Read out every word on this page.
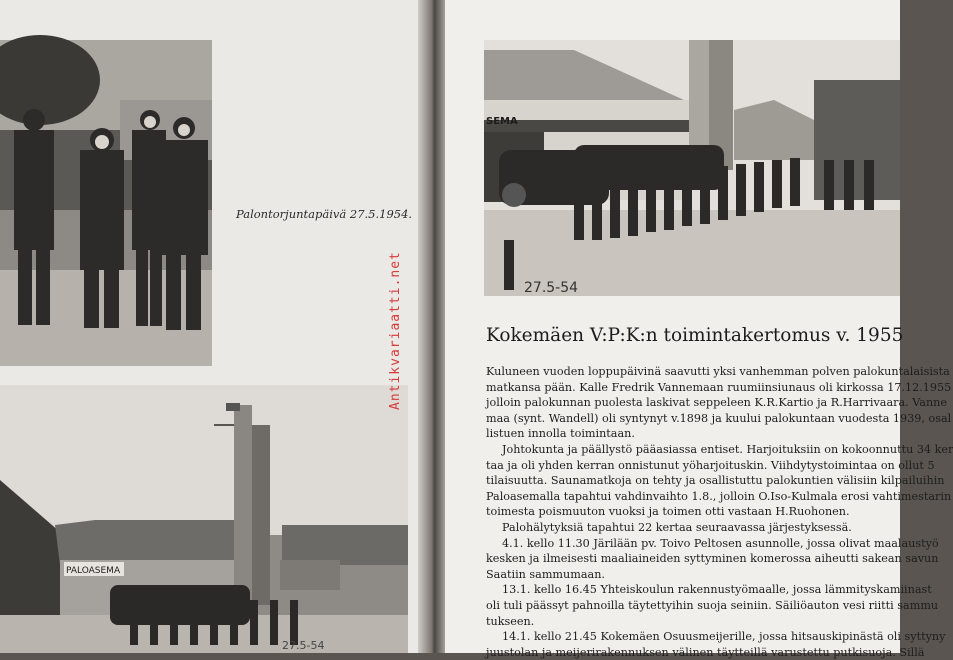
Palontorjuntapäivä 27.5.1954.
PALOASEMA
27.5-54
Antikvariaatti.net
SEMA
27.5-54
Kokemäen V:P:K:n toimintakertomus v. 1955

Kuluneen vuoden loppupäivinä saavutti yksi vanhemman polven palokuntalaisista

matkansa pään. Kalle Fredrik Vannemaan ruumiinsiunaus oli kirkossa 17.12.1955

jolloin palokunnan puolesta laskivat seppeleen K.R.Kartio ja R.Harrivaara. Vanne

maa (synt. Wandell) oli syntynyt v.1898 ja kuului palokuntaan vuodesta 1939, osal

listuen innolla toimintaan.

Johtokunta ja päällystö pääasiassa entiset. Harjoituksiin on kokoonnuttu 34 ker

taa ja oli yhden kerran onnistunut yöharjoituskin. Viihdytystoimintaa on ollut 5

tilaisuutta. Saunamatkoja on tehty ja osallistuttu palokuntien välisiin kilpailuihin

Paloasemalla tapahtui vahdinvaihto 1.8., jolloin O.Iso-Kulmala erosi vahtimestarin

toimesta poismuuton vuoksi ja toimen otti vastaan H.Ruohonen.

Palohälytyksiä tapahtui 22 kertaa seuraavassa järjestyksessä.

4.1. kello 11.30 Järilään pv. Toivo Peltosen asunnolle, jossa olivat maalaustyö

kesken ja ilmeisesti maaliaineiden syttyminen komerossa aiheutti sakean savun

Saatiin sammumaan.

13.1. kello 16.45 Yhteiskoulun rakennustyömaalle, jossa lämmityskamiinast

oli tuli päässyt pahnoilla täytettyihin suoja seiniin. Säiliöauton vesi riitti sammu

tukseen.

14.1. kello 21.45 Kokemäen Osuusmeijerille, jossa hitsauskipinästä oli syttyny

juustolan ja meijerirakennuksen välinen täytteillä varustettu putkisuoja. Sillä
